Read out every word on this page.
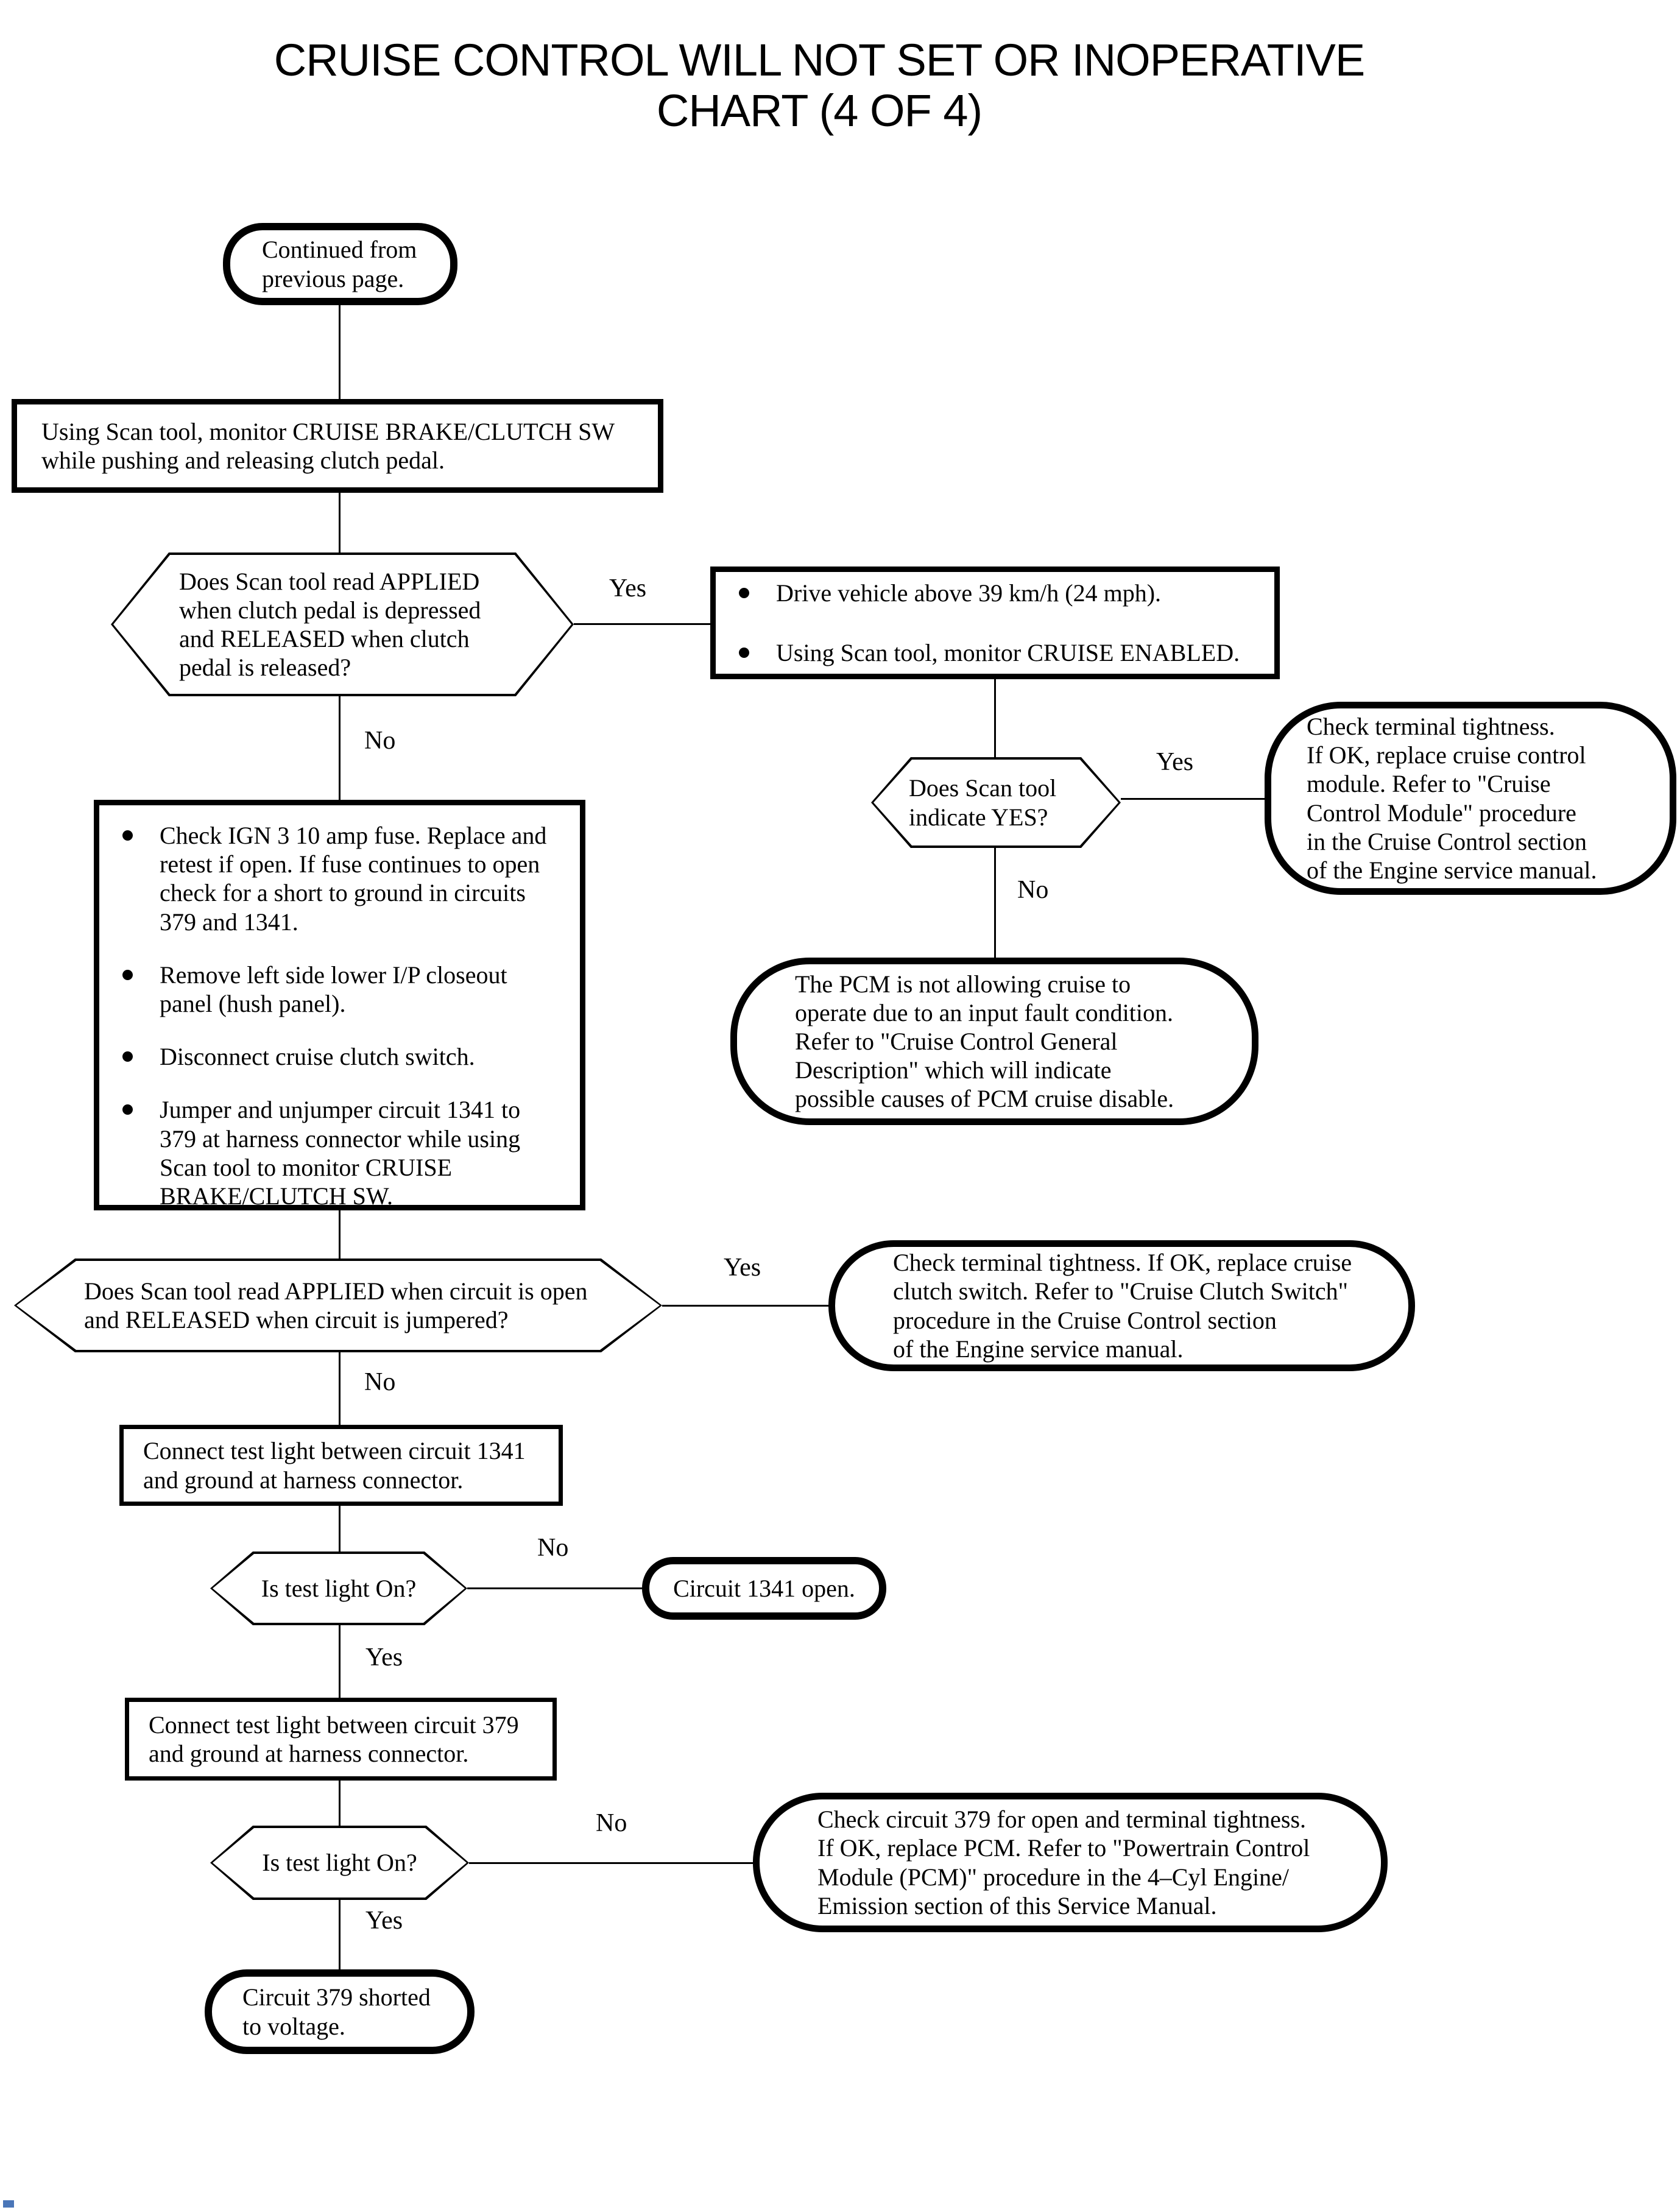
CRUISE CONTROL WILL NOT SET OR INOPERATIVE
CHART (4 OF 4)
Yes
No
Yes
No
Yes
No
No
Yes
No
Yes
Continued from
previous page.
Using Scan tool, monitor CRUISE BRAKE/CLUTCH SW
while pushing and releasing clutch pedal.
Does Scan tool read APPLIED
when clutch pedal is depressed
and RELEASED when clutch
pedal is released?
Drive vehicle above 39 km/h (24 mph).
Using Scan tool, monitor CRUISE ENABLED.
Does Scan tool
indicate YES?
Check terminal tightness.
If OK, replace cruise control
module. Refer to "Cruise
Control Module" procedure
in the Cruise Control section
of the Engine service manual.
The PCM is not allowing cruise to
operate due to an input fault condition.
Refer to "Cruise Control General
Description" which will indicate
possible causes of PCM cruise disable.
Check IGN 3 10 amp fuse. Replace and
retest if open. If fuse continues to open
check for a short to ground in circuits
379 and 1341.
Remove left side lower I/P closeout
panel (hush panel).
Disconnect cruise clutch switch.
Jumper and unjumper circuit 1341 to
379 at harness connector while using
Scan tool to monitor CRUISE
BRAKE/CLUTCH SW.
Does Scan tool read APPLIED when circuit is open
and RELEASED when circuit is jumpered?
Check terminal tightness. If OK, replace cruise
clutch switch. Refer to "Cruise Clutch Switch"
procedure in the Cruise Control section
of the Engine service manual.
Connect test light between circuit 1341
and ground at harness connector.
Is test light On?	Circuit 1341 open.
Connect test light between circuit 379
and ground at harness connector.
Is test light On?
Check circuit 379 for open and terminal tightness.
If OK, replace PCM. Refer to "Powertrain Control
Module (PCM)" procedure in the 4–Cyl Engine/
Emission section of this Service Manual.
Circuit 379 shorted
to voltage.
